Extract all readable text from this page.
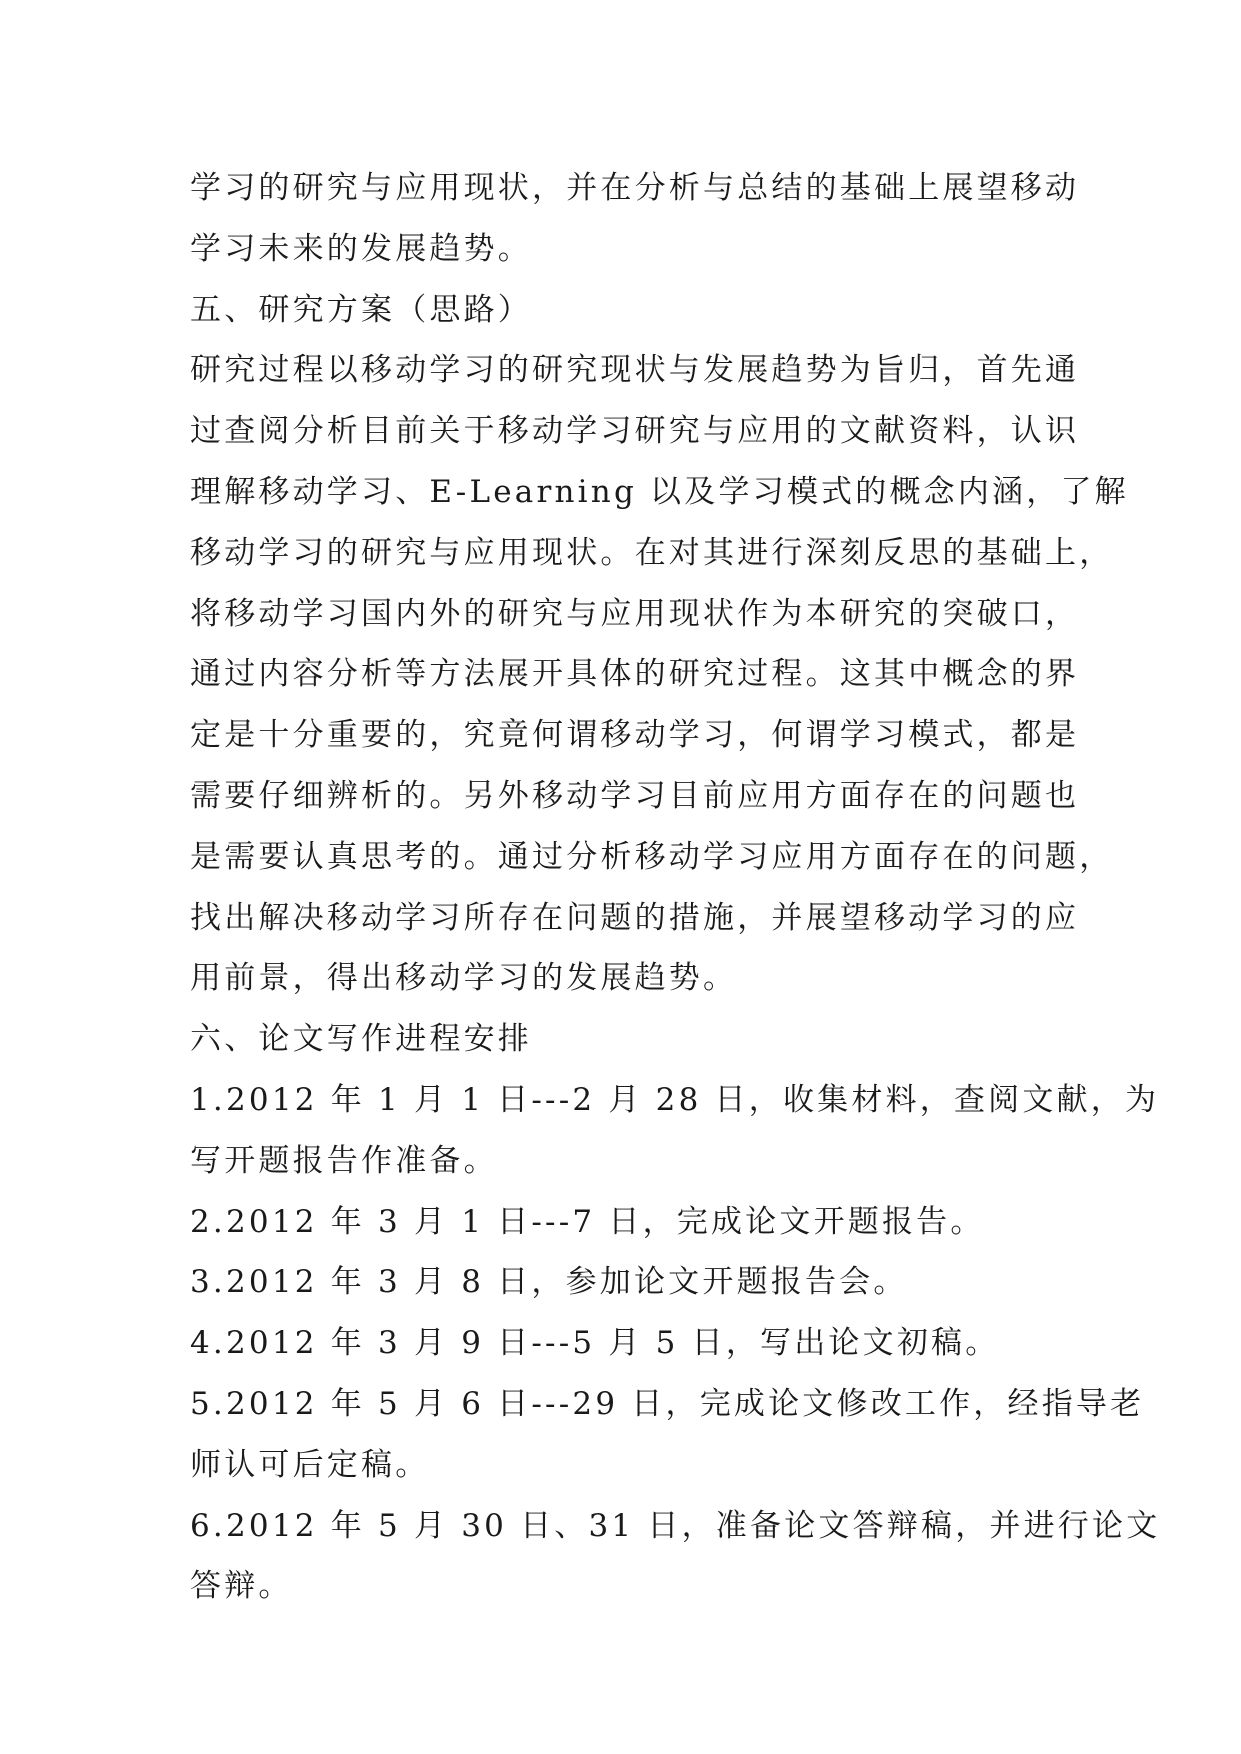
学习的研究与应用现状，并在分析与总结的基础上展望移动
学习未来的发展趋势。
五、研究方案（思路）
研究过程以移动学习的研究现状与发展趋势为旨归，首先通
过查阅分析目前关于移动学习研究与应用的文献资料，认识
理解移动学习、E-Learning 以及学习模式的概念内涵，了解
移动学习的研究与应用现状。在对其进行深刻反思的基础上，
将移动学习国内外的研究与应用现状作为本研究的突破口，
通过内容分析等方法展开具体的研究过程。这其中概念的界
定是十分重要的，究竟何谓移动学习，何谓学习模式，都是
需要仔细辨析的。另外移动学习目前应用方面存在的问题也
是需要认真思考的。通过分析移动学习应用方面存在的问题，
找出解决移动学习所存在问题的措施，并展望移动学习的应
用前景，得出移动学习的发展趋势。
六、论文写作进程安排
1.2012 年 1 月 1 日---2 月 28 日，收集材料，查阅文献，为
写开题报告作准备。
2.2012 年 3 月 1 日---7 日，完成论文开题报告。
3.2012 年 3 月 8 日，参加论文开题报告会。
4.2012 年 3 月 9 日---5 月 5 日，写出论文初稿。
5.2012 年 5 月 6 日---29 日，完成论文修改工作，经指导老
师认可后定稿。
6.2012 年 5 月 30 日、31 日，准备论文答辩稿，并进行论文
答辩。
